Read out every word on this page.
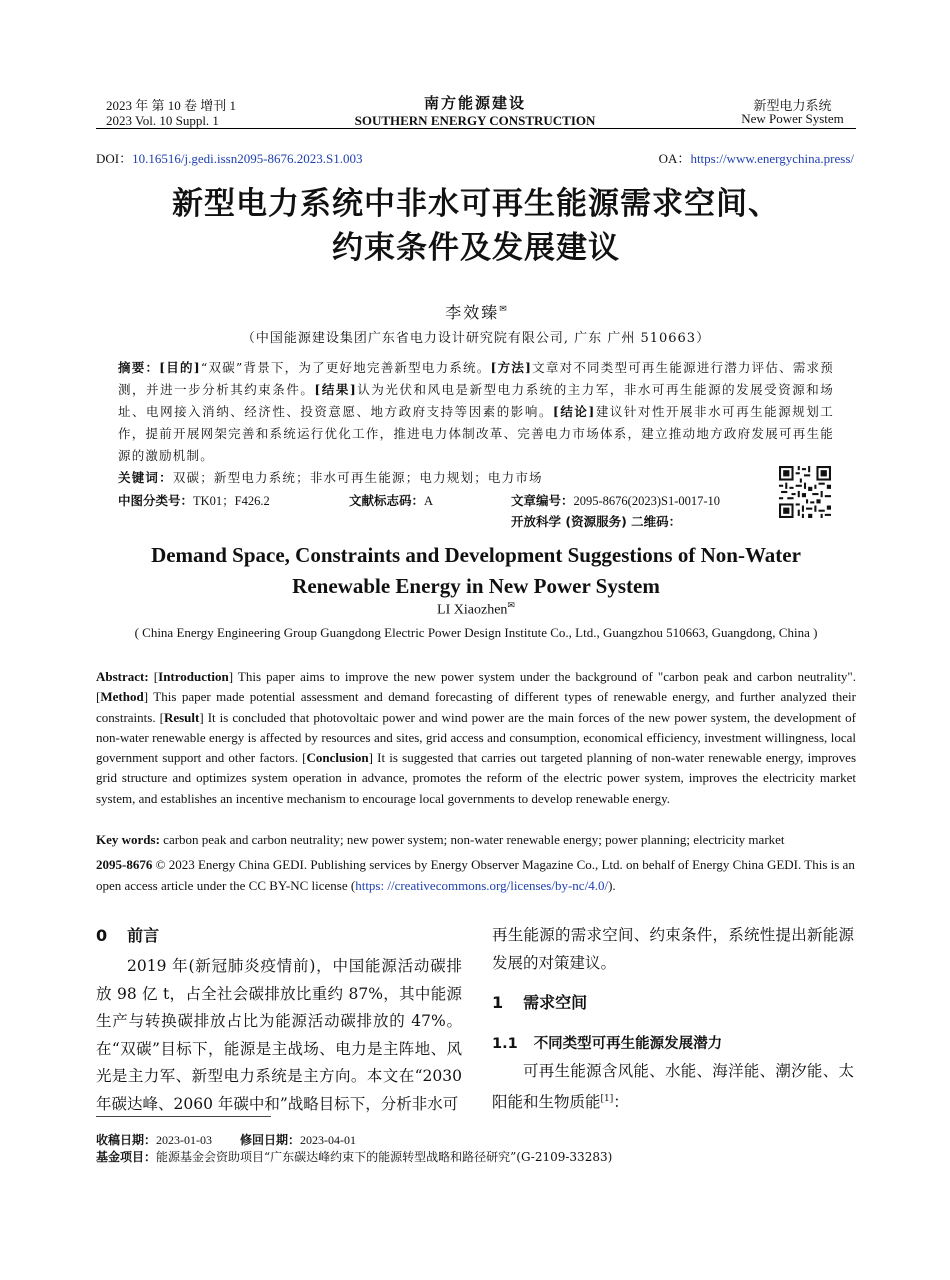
2023 年 第 10 卷 增刊 1
2023 Vol. 10 Suppl. 1
南方能源建设
SOUTHERN ENERGY CONSTRUCTION
新型电力系统
New Power System
DOI：10.16516/j.gedi.issn2095-8676.2023.S1.003	OA：https://www.energychina.press/
新型电力系统中非水可再生能源需求空间、
约束条件及发展建议
李效臻✉
（中国能源建设集团广东省电力设计研究院有限公司, 广东 广州 510663）
摘要：[目的]“双碳”背景下，为了更好地完善新型电力系统。[方法]文章对不同类型可再生能源进行潜力评估、需求预测，并进一步分析其约束条件。[结果]认为光伏和风电是新型电力系统的主力军，非水可再生能源的发展受资源和场址、电网接入消纳、经济性、投资意愿、地方政府支持等因素的影响。[结论]建议针对性开展非水可再生能源规划工作，提前开展网架完善和系统运行优化工作，推进电力体制改革、完善电力市场体系，建立推动地方政府发展可再生能源的激励机制。
关键词：双碳；新型电力系统；非水可再生能源；电力规划；电力市场
中图分类号：TK01；F426.2	文献标志码：A	文章编号：2095-8676(2023)S1-0017-10
开放科学 (资源服务) 二维码：
Demand Space, Constraints and Development Suggestions of Non-Water
Renewable Energy in New Power System
LI Xiaozhen✉
( China Energy Engineering Group Guangdong Electric Power Design Institute Co., Ltd., Guangzhou 510663, Guangdong, China )
Abstract: [Introduction] This paper aims to improve the new power system under the background of "carbon peak and carbon neutrality". [Method] This paper made potential assessment and demand forecasting of different types of renewable energy, and further analyzed their constraints. [Result] It is concluded that photovoltaic power and wind power are the main forces of the new power system, the development of non-water renewable energy is affected by resources and sites, grid access and consumption, economical efficiency, investment willingness, local government support and other factors. [Conclusion] It is suggested that carries out targeted planning of non-water renewable energy, improves grid structure and optimizes system operation in advance, promotes the reform of the electric power system, improves the electricity market system, and establishes an incentive mechanism to encourage local governments to develop renewable energy.
Key words: carbon peak and carbon neutrality; new power system; non-water renewable energy; power planning; electricity market
2095-8676 © 2023 Energy China GEDI. Publishing services by Energy Observer Magazine Co., Ltd. on behalf of Energy China GEDI. This is an open access article under the CC BY-NC license (https: //creativecommons.org/licenses/by-nc/4.0/).
0 前言
2019 年(新冠肺炎疫情前)，中国能源活动碳排放 98 亿 t，占全社会碳排放比重约 87%，其中能源生产与转换碳排放占比为能源活动碳排放的 47%。在“双碳”目标下，能源是主战场、电力是主阵地、风光是主力军、新型电力系统是主方向。本文在“2030 年碳达峰、2060 年碳中和”战略目标下，分析非水可
再生能源的需求空间、约束条件，系统性提出新能源发展的对策建议。
1 需求空间
1.1 不同类型可再生能源发展潜力
可再生能源含风能、水能、海洋能、潮汐能、太阳能和生物质能[1]：
收稿日期：2023-01-03 修回日期：2023-04-01
基金项目：能源基金会资助项目“广东碳达峰约束下的能源转型战略和路径研究”(G-2109-33283)
